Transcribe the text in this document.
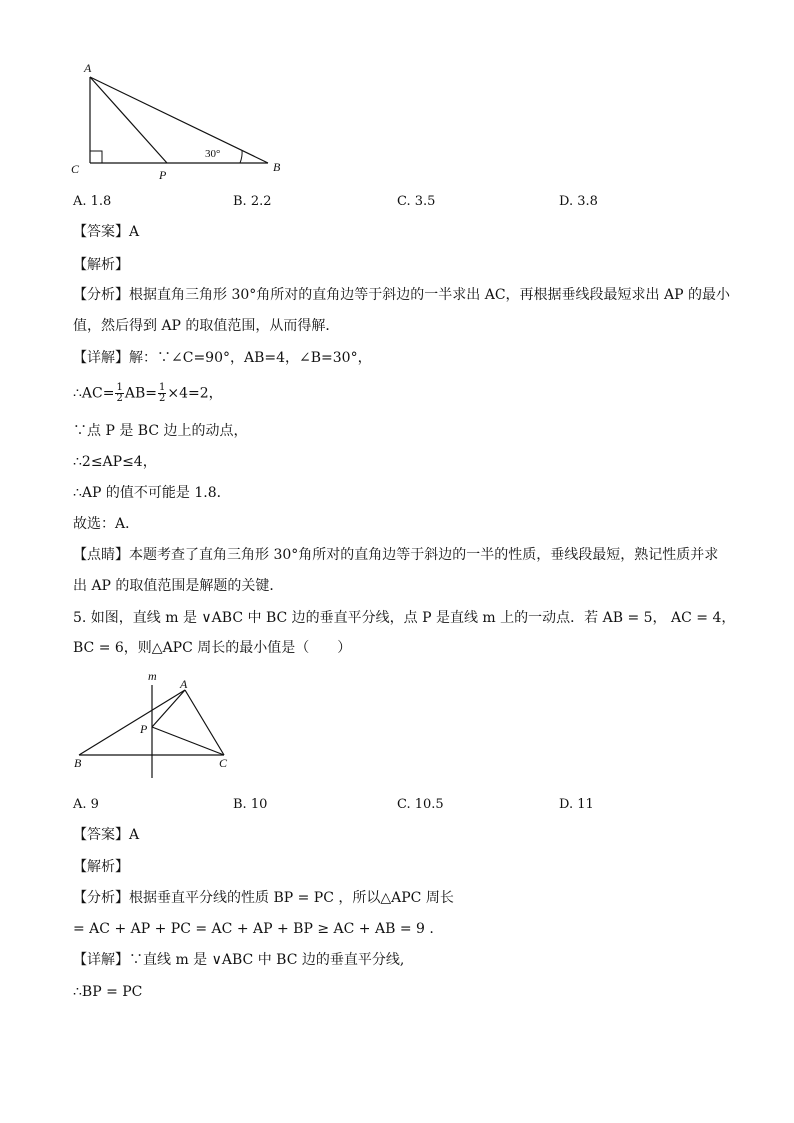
A
C	P
B
30°
A. 1.8	B. 2.2	C. 3.5	D. 3.8
【答案】A
【解析】
【分析】根据直角三角形 30°角所对的直角边等于斜边的一半求出 AC，再根据垂线段最短求出 AP 的最小
值，然后得到 AP 的取值范围，从而得解．
【详解】解：∵∠C=90°，AB=4，∠B=30°，
∴AC= $\frac{1}{2} AB= \frac{1}{2} \times 4=2$，
∵点 P 是 BC 边上的动点，
∴2≤AP≤4，
∴AP 的值不可能是 1.8．
故选：A．
【点睛】本题考查了直角三角形 30°角所对的直角边等于斜边的一半的性质，垂线段最短，熟记性质并求
出 AP 的取值范围是解题的关键．
5. 如图，直线 m 是 ∨ABC 中 BC 边的垂直平分线，点 P 是直线 m 上的一动点．若 AB = 5， AC = 4，
BC = 6，则△APC 周长的最小值是（　　）
m
A
P
B	C
A. 9	B. 10	C. 10.5	D. 11
【答案】A
【解析】
【分析】根据垂直平分线的性质 BP = PC ，所以△APC 周长
= AC + AP + PC = AC + AP + BP ≥ AC + AB = 9 .
【详解】∵直线 m 是 ∨ABC 中 BC 边的垂直平分线,
∴BP = PC
